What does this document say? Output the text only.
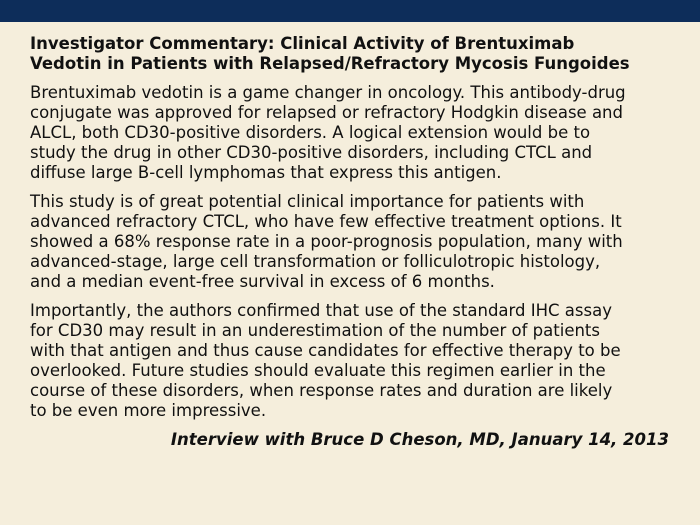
Investigator Commentary: Clinical Activity of Brentuximab
Vedotin in Patients with Relapsed/Refractory Mycosis Fungoides
Brentuximab vedotin is a game changer in oncology. This antibody-drug
conjugate was approved for relapsed or refractory Hodgkin disease and
ALCL, both CD30-positive disorders. A logical extension would be to
study the drug in other CD30-positive disorders, including CTCL and
diffuse large B-cell lymphomas that express this antigen.
This study is of great potential clinical importance for patients with
advanced refractory CTCL, who have few effective treatment options. It
showed a 68% response rate in a poor-prognosis population, many with
advanced-stage, large cell transformation or folliculotropic histology,
and a median event-free survival in excess of 6 months.
Importantly, the authors confirmed that use of the standard IHC assay
for CD30 may result in an underestimation of the number of patients
with that antigen and thus cause candidates for effective therapy to be
overlooked. Future studies should evaluate this regimen earlier in the
course of these disorders, when response rates and duration are likely
to be even more impressive.
Interview with Bruce D Cheson, MD, January 14, 2013
